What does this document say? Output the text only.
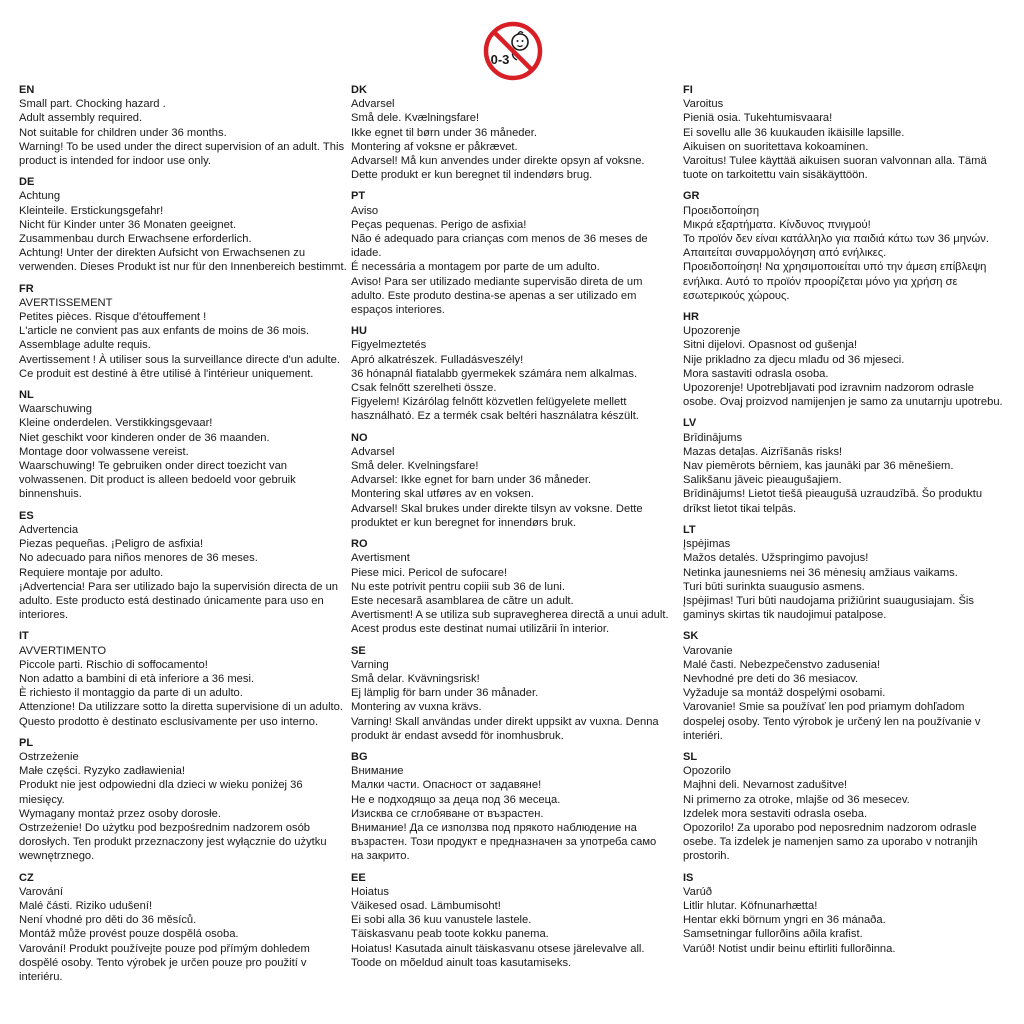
0-3
EN
Small part. Chocking hazard .
Adult assembly required.
Not suitable for children under 36 months.
Warning! To be used under the direct supervision of an adult. This product is intended for indoor use only.
DE
Achtung
Kleinteile. Erstickungsgefahr!
Nicht für Kinder unter 36 Monaten geeignet.
Zusammenbau durch Erwachsene erforderlich.
Achtung! Unter der direkten Aufsicht von Erwachsenen zu verwenden. Dieses Produkt ist nur für den Innenbereich bestimmt.
FR
AVERTISSEMENT
Petites pièces. Risque d'étouffement !
L'article ne convient pas aux enfants de moins de 36 mois.
Assemblage adulte requis.
Avertissement ! À utiliser sous la surveillance directe d'un adulte. Ce produit est destiné à être utilisé à l'intérieur uniquement.
NL
Waarschuwing
Kleine onderdelen. Verstikkingsgevaar!
Niet geschikt voor kinderen onder de 36 maanden.
Montage door volwassene vereist.
Waarschuwing! Te gebruiken onder direct toezicht van volwassenen. Dit product is alleen bedoeld voor gebruik binnenshuis.
ES
Advertencia
Piezas pequeñas. ¡Peligro de asfixia!
No adecuado para niños menores de 36 meses.
Requiere montaje por adulto.
¡Advertencia! Para ser utilizado bajo la supervisión directa de un adulto. Este producto está destinado únicamente para uso en interiores.
IT
AVVERTIMENTO
Piccole parti. Rischio di soffocamento!
Non adatto a bambini di età inferiore a 36 mesi.
È richiesto il montaggio da parte di un adulto.
Attenzione! Da utilizzare sotto la diretta supervisione di un adulto. Questo prodotto è destinato esclusivamente per uso interno.
PL
Ostrzeżenie
Małe części. Ryzyko zadławienia!
Produkt nie jest odpowiedni dla dzieci w wieku poniżej 36 miesięcy.
Wymagany montaż przez osoby dorosłe.
Ostrzeżenie! Do użytku pod bezpośrednim nadzorem osób dorosłych. Ten produkt przeznaczony jest wyłącznie do użytku wewnętrznego.
CZ
Varování
Malé části. Riziko udušení!
Není vhodné pro děti do 36 měsíců.
Montáž může provést pouze dospělá osoba.
Varování! Produkt používejte pouze pod přímým dohledem dospělé osoby. Tento výrobek je určen pouze pro použití v interiéru.
DK
Advarsel
Små dele. Kvælningsfare!
Ikke egnet til børn under 36 måneder.
Montering af voksne er påkrævet.
Advarsel! Må kun anvendes under direkte opsyn af voksne. Dette produkt er kun beregnet til indendørs brug.
PT
Aviso
Peças pequenas. Perigo de asfixia!
Não é adequado para crianças com menos de 36 meses de idade.
É necessária a montagem por parte de um adulto.
Aviso! Para ser utilizado mediante supervisão direta de um adulto. Este produto destina-se apenas a ser utilizado em espaços interiores.
HU
Figyelmeztetés
Apró alkatrészek. Fulladásveszély!
36 hónapnál fiatalabb gyermekek számára nem alkalmas.
Csak felnőtt szerelheti össze.
Figyelem! Kizárólag felnőtt közvetlen felügyelete mellett használható. Ez a termék csak beltéri használatra készült.
NO
Advarsel
Små deler. Kvelningsfare!
Advarsel: Ikke egnet for barn under 36 måneder.
Montering skal utføres av en voksen.
Advarsel! Skal brukes under direkte tilsyn av voksne. Dette produktet er kun beregnet for innendørs bruk.
RO
Avertisment
Piese mici. Pericol de sufocare!
Nu este potrivit pentru copiii sub 36 de luni.
Este necesară asamblarea de către un adult.
Avertisment! A se utiliza sub supravegherea directă a unui adult. Acest produs este destinat numai utilizării în interior.
SE
Varning
Små delar. Kvävningsrisk!
Ej lämplig för barn under 36 månader.
Montering av vuxna krävs.
Varning! Skall användas under direkt uppsikt av vuxna. Denna produkt är endast avsedd för inomhusbruk.
BG
Внимание
Малки части. Опасност от задавяне!
Не е подходящо за деца под 36 месеца.
Изисква се сглобяване от възрастен.
Внимание! Да се използва под прякото наблюдение на възрастен. Този продукт е предназначен за употреба само на закрито.
EE
Hoiatus
Väikesed osad. Lämbumisoht!
Ei sobi alla 36 kuu vanustele lastele.
Täiskasvanu peab toote kokku panema.
Hoiatus! Kasutada ainult täiskasvanu otsese järelevalve all. Toode on mõeldud ainult toas kasutamiseks.
FI
Varoitus
Pieniä osia. Tukehtumisvaara!
Ei sovellu alle 36 kuukauden ikäisille lapsille.
Aikuisen on suoritettava kokoaminen.
Varoitus! Tulee käyttää aikuisen suoran valvonnan alla. Tämä tuote on tarkoitettu vain sisäkäyttöön.
GR
Προειδοποίηση
Μικρά εξαρτήματα. Κίνδυνος πνιγμού!
Το προϊόν δεν είναι κατάλληλο για παιδιά κάτω των 36 μηνών.
Απαιτείται συναρμολόγηση από ενήλικες.
Προειδοποίηση! Να χρησιμοποιείται υπό την άμεση επίβλεψη ενήλικα. Αυτό το προϊόν προορίζεται μόνο για χρήση σε εσωτερικούς χώρους.
HR
Upozorenje
Sitni dijelovi. Opasnost od gušenja!
Nije prikladno za djecu mlađu od 36 mjeseci.
Mora sastaviti odrasla osoba.
Upozorenje! Upotrebljavati pod izravnim nadzorom odrasle osobe. Ovaj proizvod namijenjen je samo za unutarnju upotrebu.
LV
Brīdinājums
Mazas detaļas. Aizrīšanās risks!
Nav piemērots bērniem, kas jaunāki par 36 mēnešiem.
Salikšanu jāveic pieaugušajiem.
Brīdinājums! Lietot tiešā pieaugušā uzraudzībā. Šo produktu drīkst lietot tikai telpās.
LT
Įspėjimas
Mažos detalės. Užspringimo pavojus!
Netinka jaunesniems nei 36 mėnesių amžiaus vaikams.
Turi būti surinkta suaugusio asmens.
Įspėjimas! Turi būti naudojama prižiūrint suaugusiajam. Šis gaminys skirtas tik naudojimui patalpose.
SK
Varovanie
Malé časti. Nebezpečenstvo zadusenia!
Nevhodné pre deti do 36 mesiacov.
Vyžaduje sa montáž dospelými osobami.
Varovanie! Smie sa používať len pod priamym dohľadom dospelej osoby. Tento výrobok je určený len na používanie v interiéri.
SL
Opozorilo
Majhni deli. Nevarnost zadušitve!
Ni primerno za otroke, mlajše od 36 mesecev.
Izdelek mora sestaviti odrasla oseba.
Opozorilo! Za uporabo pod neposrednim nadzorom odrasle osebe. Ta izdelek je namenjen samo za uporabo v notranjih prostorih.
IS
Varúð
Litlir hlutar. Köfnunarhætta!
Hentar ekki börnum yngri en 36 mánaða.
Samsetningar fullorðins aðila krafist.
Varúð! Notist undir beinu eftirliti fullorðinna.
